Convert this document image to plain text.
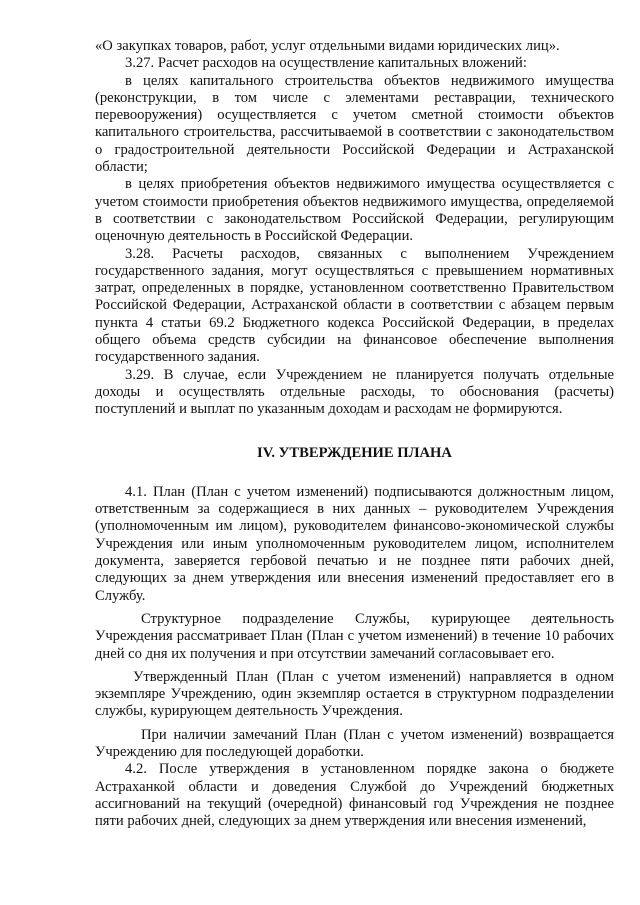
«О закупках товаров, работ, услуг отдельными видами юридических лиц».

3.27. Расчет расходов на осуществление капитальных вложений:

в целях капитального строительства объектов недвижимого имущества (реконструкции, в том числе с элементами реставрации, технического перевооружения) осуществляется с учетом сметной стоимости объектов капитального строительства, рассчитываемой в соответствии с законодательством о градостроительной деятельности Российской Федерации и Астраханской области;

в целях приобретения объектов недвижимого имущества осуществляется с учетом стоимости приобретения объектов недвижимого имущества, определяемой в соответствии с законодательством Российской Федерации, регулирующим оценочную деятельность в Российской Федерации.

3.28. Расчеты расходов, связанных с выполнением Учреждением государственного задания, могут осуществляться с превышением нормативных затрат, определенных в порядке, установленном соответственно Правительством Российской Федерации, Астраханской области в соответствии с абзацем первым пункта 4 статьи 69.2 Бюджетного кодекса Российской Федерации, в пределах общего объема средств субсидии на финансовое обеспечение выполнения государственного задания.

3.29. В случае, если Учреждением не планируется получать отдельные доходы и осуществлять отдельные расходы, то обоснования (расчеты) поступлений и выплат по указанным доходам и расходам не формируются.

IV. УТВЕРЖДЕНИЕ ПЛАНА

4.1. План (План с учетом изменений) подписываются должностным лицом, ответственным за содержащиеся в них данных – руководителем Учреждения (уполномоченным им лицом), руководителем финансово-экономической службы Учреждения или иным уполномоченным руководителем лицом, исполнителем документа, заверяется гербовой печатью и не позднее пяти рабочих дней, следующих за днем утверждения или внесения изменений предоставляет его в Службу.

Структурное подразделение Службы, курирующее деятельность Учреждения рассматривает План (План с учетом изменений) в течение 10 рабочих дней со дня их получения и при отсутствии замечаний согласовывает его.

Утвержденный План (План с учетом изменений) направляется в одном экземпляре Учреждению, один экземпляр остается в структурном подразделении службы, курирующем деятельность Учреждения.

При наличии замечаний План (План с учетом изменений) возвращается Учреждению для последующей доработки.

4.2. После утверждения в установленном порядке закона о бюджете Астраханкой области и доведения Службой до Учреждений бюджетных ассигнований на текущий (очередной) финансовый год Учреждения не позднее пяти рабочих дней, следующих за днем утверждения или внесения изменений,
